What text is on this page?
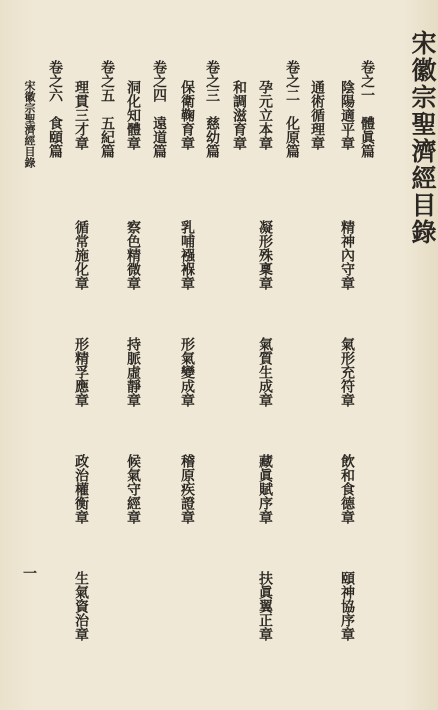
宋徽宗聖濟經目錄
卷之一　體眞篇
陰陽適平章
精神內守章
氣形充符章
飲和食德章
頤神協序章
通術循理章
卷之二　化原篇
孕元立本章
凝形殊稟章
氣質生成章
藏眞賦序章
扶眞翼正章
和調滋育章
卷之三　慈幼篇
保衛鞠育章
乳哺襁褓章
形氣變成章
稽原疾證章
卷之四　遠道篇
洞化知體章
察色精微章
持脈虛靜章
候氣守經章
卷之五　五紀篇
理貫三才章
循常施化章
形精孚應章
政治權衡章
生氣資治章
卷之六　食頤篇
宋徽宗聖濟經目錄
一
